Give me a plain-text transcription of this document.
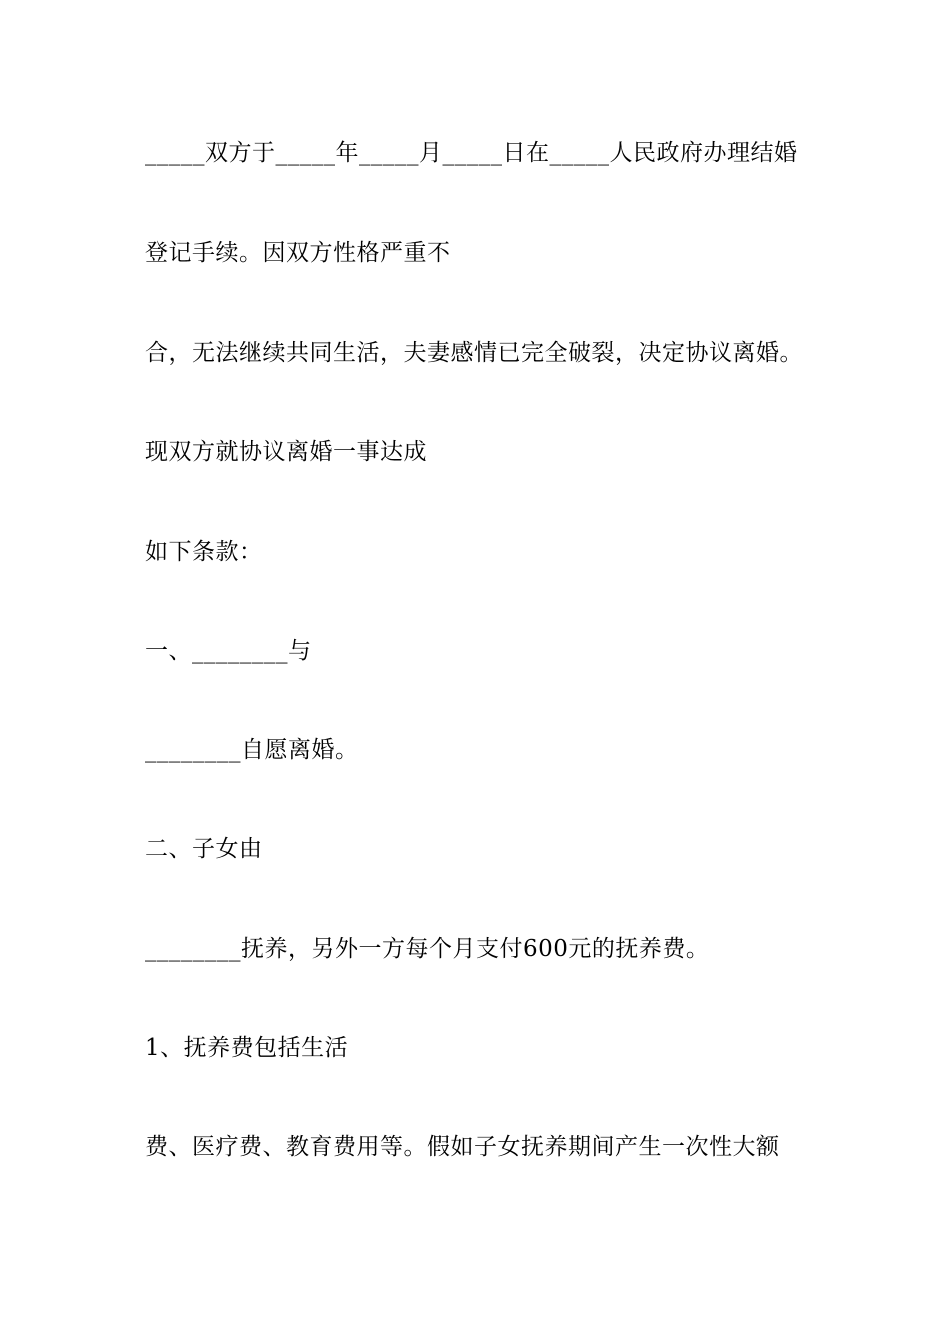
_____双方于_____年_____月_____日在_____人民政府办理结婚
登记手续。因双方性格严重不
合，无法继续共同生活，夫妻感情已完全破裂，决定协议离婚。
现双方就协议离婚一事达成
如下条款：
一、________与
________自愿离婚。
二、子女由
________抚养，另外一方每个月支付600元的抚养费。
1、抚养费包括生活
费、医疗费、教育费用等。假如子女抚养期间产生一次性大额
